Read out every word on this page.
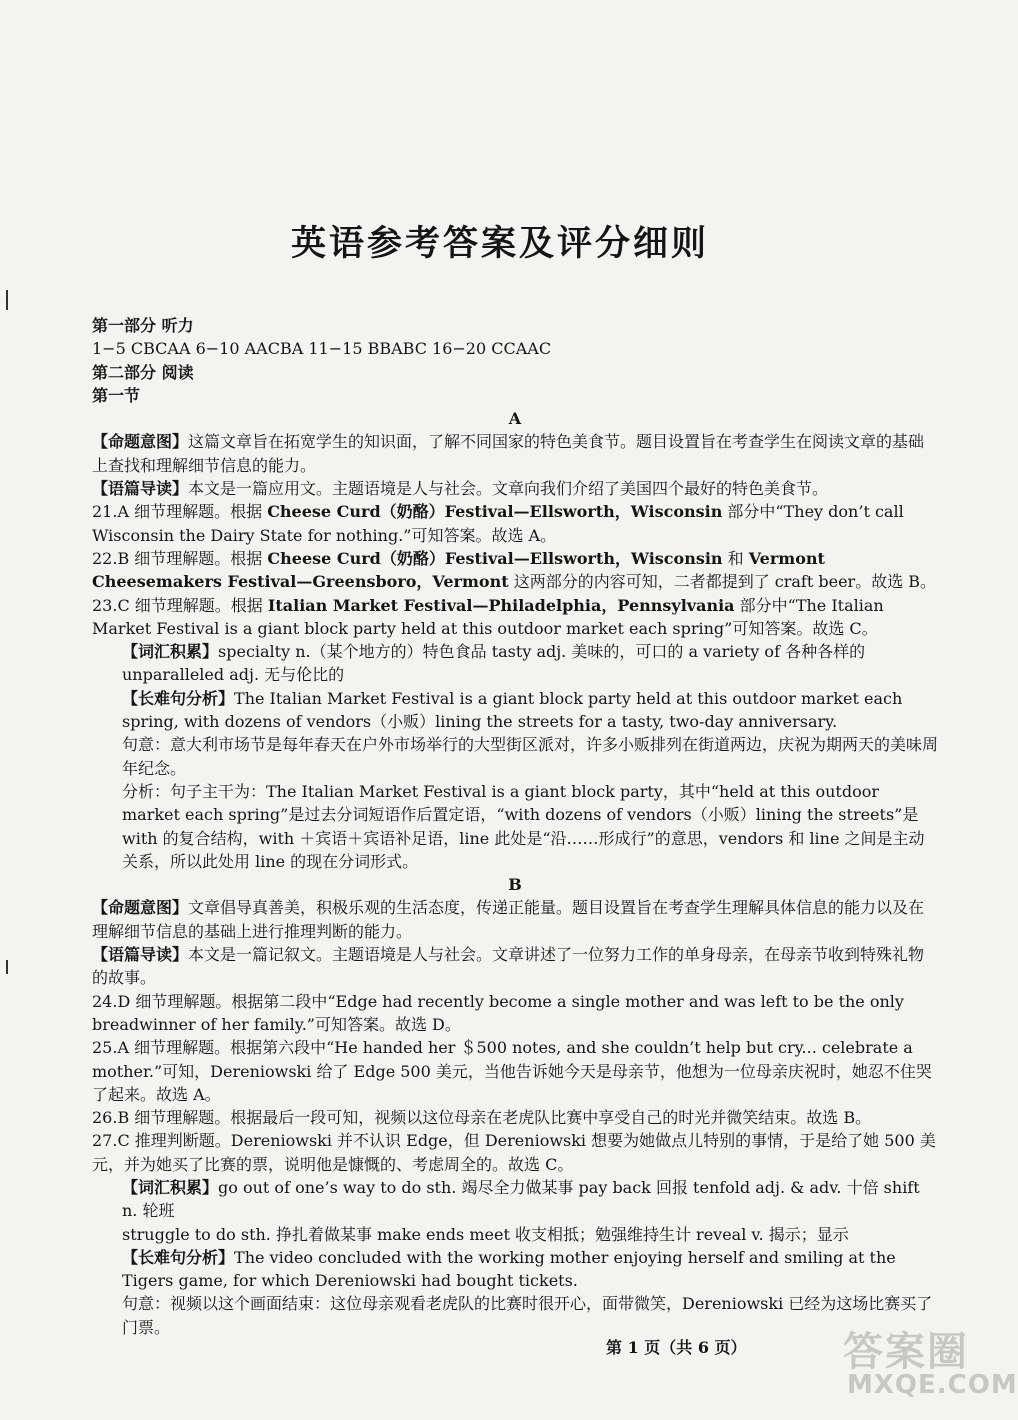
英语参考答案及评分细则

第一部分 听力

1−5 CBCAA 6−10 AACBA 11−15 BBABC 16−20 CCAAC

第二部分 阅读

第一节

A

【命题意图】这篇文章旨在拓宽学生的知识面，了解不同国家的特色美食节。题目设置旨在考查学生在阅读文章的基础上查找和理解细节信息的能力。

【语篇导读】本文是一篇应用文。主题语境是人与社会。文章向我们介绍了美国四个最好的特色美食节。

21.A 细节理解题。根据 Cheese Curd（奶酪）Festival—Ellsworth，Wisconsin 部分中“They don’t call Wisconsin the Dairy State for nothing.”可知答案。故选 A。

22.B 细节理解题。根据 Cheese Curd（奶酪）Festival—Ellsworth，Wisconsin 和 Vermont Cheesemakers Festival—Greensboro，Vermont 这两部分的内容可知，二者都提到了 craft beer。故选 B。

23.C 细节理解题。根据 Italian Market Festival—Philadelphia，Pennsylvania 部分中“The Italian Market Festival is a giant block party held at this outdoor market each spring”可知答案。故选 C。

【词汇积累】specialty n.（某个地方的）特色食品 tasty adj. 美味的，可口的 a variety of 各种各样的 unparalleled adj. 无与伦比的

【长难句分析】The Italian Market Festival is a giant block party held at this outdoor market each spring, with dozens of vendors（小贩）lining the streets for a tasty, two-day anniversary.

句意：意大利市场节是每年春天在户外市场举行的大型街区派对，许多小贩排列在街道两边，庆祝为期两天的美味周年纪念。

分析：句子主干为：The Italian Market Festival is a giant block party，其中“held at this outdoor market each spring”是过去分词短语作后置定语，“with dozens of vendors（小贩）lining the streets”是 with 的复合结构，with ＋宾语＋宾语补足语，line 此处是“沿……形成行”的意思，vendors 和 line 之间是主动关系，所以此处用 line 的现在分词形式。

B

【命题意图】文章倡导真善美，积极乐观的生活态度，传递正能量。题目设置旨在考查学生理解具体信息的能力以及在理解细节信息的基础上进行推理判断的能力。

【语篇导读】本文是一篇记叙文。主题语境是人与社会。文章讲述了一位努力工作的单身母亲，在母亲节收到特殊礼物的故事。

24.D 细节理解题。根据第二段中“Edge had recently become a single mother and was left to be the only breadwinner of her family.”可知答案。故选 D。

25.A 细节理解题。根据第六段中“He handed her ＄500 notes, and she couldn’t help but cry... celebrate a mother.”可知，Dereniowski 给了 Edge 500 美元，当他告诉她今天是母亲节，他想为一位母亲庆祝时，她忍不住哭了起来。故选 A。

26.B 细节理解题。根据最后一段可知，视频以这位母亲在老虎队比赛中享受自己的时光并微笑结束。故选 B。

27.C 推理判断题。Dereniowski 并不认识 Edge，但 Dereniowski 想要为她做点儿特别的事情，于是给了她 500 美元，并为她买了比赛的票，说明他是慷慨的、考虑周全的。故选 C。

【词汇积累】go out of one’s way to do sth. 竭尽全力做某事 pay back 回报 tenfold adj. & adv. 十倍 shift n. 轮班

struggle to do sth. 挣扎着做某事 make ends meet 收支相抵；勉强维持生计 reveal v. 揭示；显示

【长难句分析】The video concluded with the working mother enjoying herself and smiling at the Tigers game, for which Dereniowski had bought tickets.

句意：视频以这个画面结束：这位母亲观看老虎队的比赛时很开心，面带微笑，Dereniowski 已经为这场比赛买了门票。

第 1 页（共 6 页） 答案圈
MXQE.COM
